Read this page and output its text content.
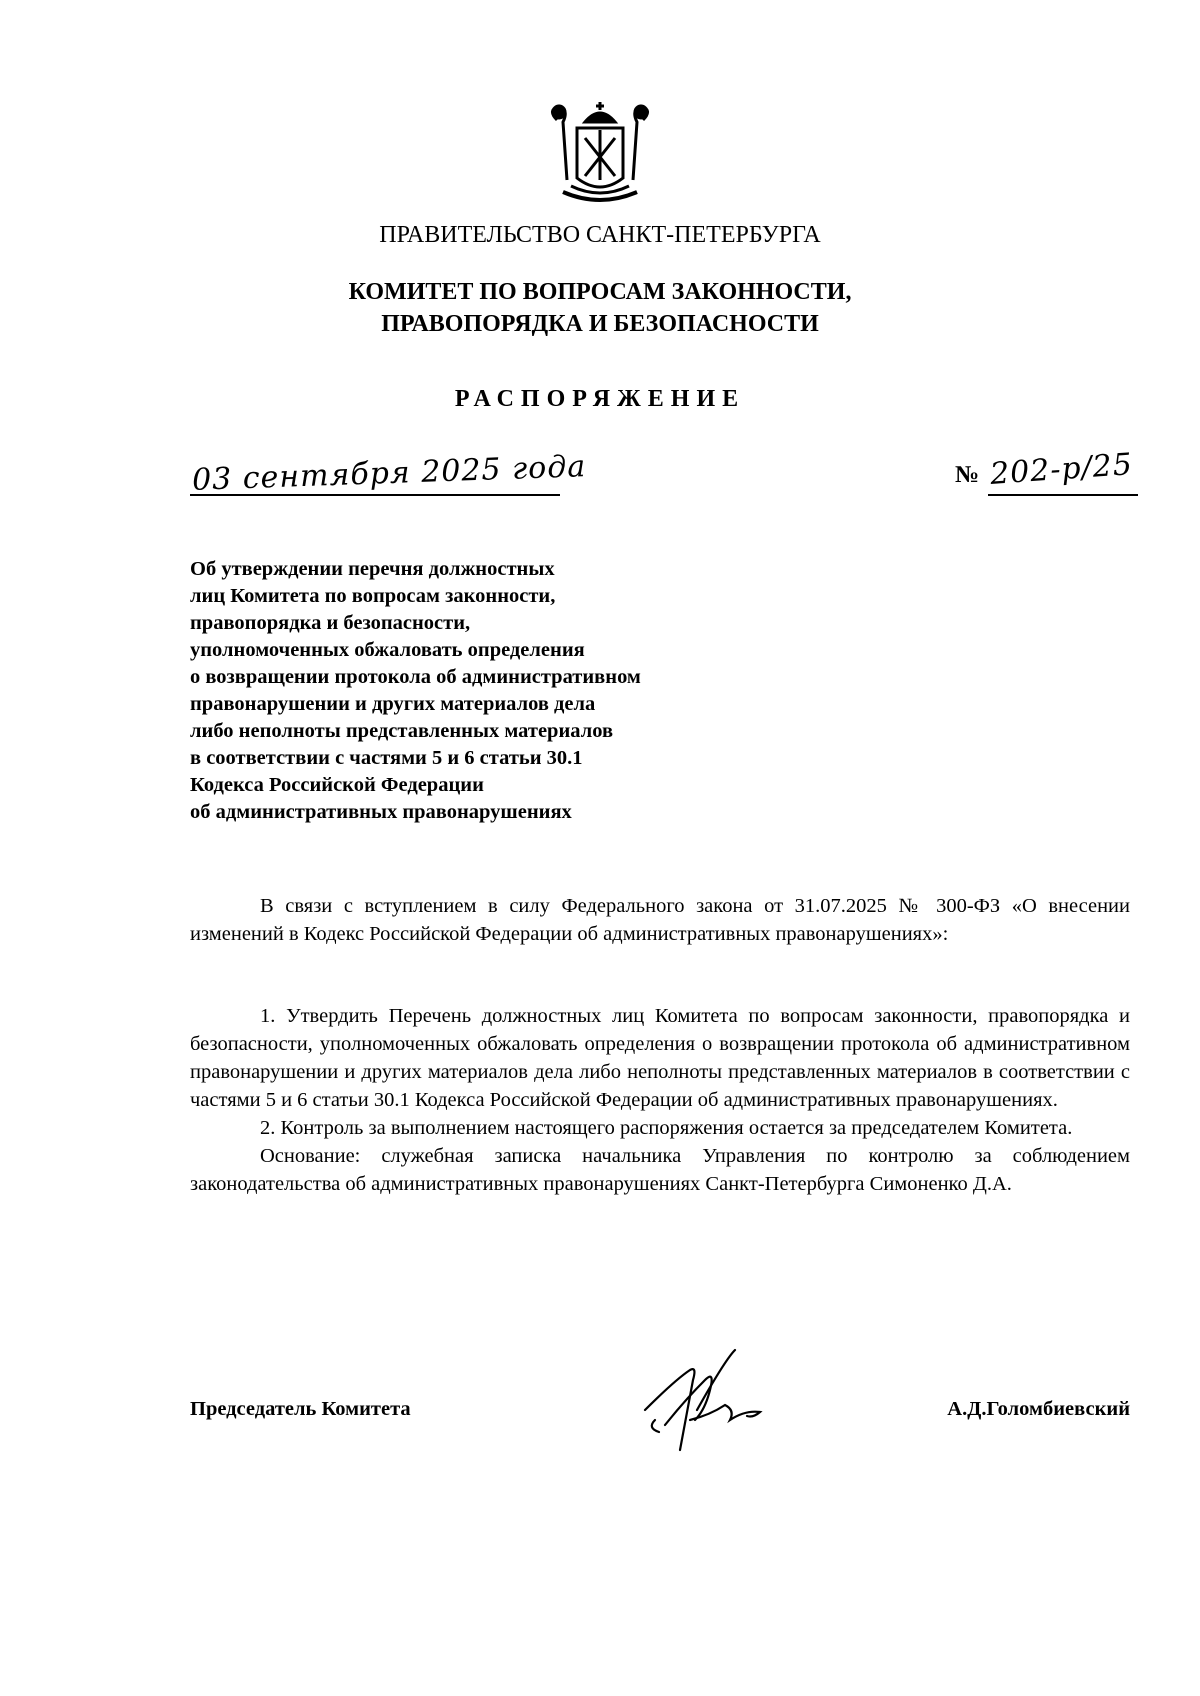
ПРАВИТЕЛЬСТВО САНКТ-ПЕТЕРБУРГА
КОМИТЕТ ПО ВОПРОСАМ ЗАКОННОСТИ,
ПРАВОПОРЯДКА И БЕЗОПАСНОСТИ
РАСПОРЯЖЕНИЕ
03 сентября 2025 года	№ 202-р/25
Об утверждении перечня должностных
лиц Комитета по вопросам законности,
правопорядка и безопасности,
уполномоченных обжаловать определения
о возвращении протокола об административном
правонарушении и других материалов дела
либо неполноты представленных материалов
в соответствии с частями 5 и 6 статьи 30.1
Кодекса Российской Федерации
об административных правонарушениях
В связи с вступлением в силу Федерального закона от 31.07.2025 № 300-ФЗ «О внесении изменений в Кодекс Российской Федерации об административных правонарушениях»:
1. Утвердить Перечень должностных лиц Комитета по вопросам законности, правопорядка и безопасности, уполномоченных обжаловать определения о возвращении протокола об административном правонарушении и других материалов дела либо неполноты представленных материалов в соответствии с частями 5 и 6 статьи 30.1 Кодекса Российской Федерации об административных правонарушениях.
2. Контроль за выполнением настоящего распоряжения остается за председателем Комитета.
Основание: служебная записка начальника Управления по контролю за соблюдением законодательства об административных правонарушениях Санкт-Петербурга Симоненко Д.А.
Председатель Комитета	А.Д.Голомбиевский
